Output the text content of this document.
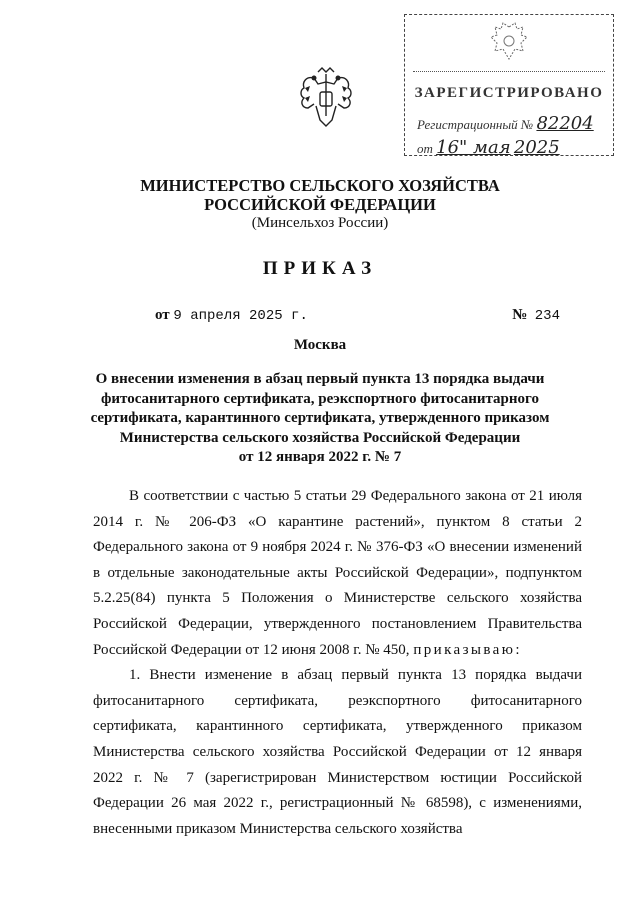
ЗАРЕГИСТРИРОВАНО
Регистрационный № 82204
от 16" мая 2025
МИНИСТЕРСТВО СЕЛЬСКОГО ХОЗЯЙСТВА
РОССИЙСКОЙ ФЕДЕРАЦИИ
(Минсельхоз России)
ПРИКАЗ
от 9 апреля 2025 г.	№ 234
Москва
О внесении изменения в абзац первый пункта 13 порядка выдачи
фитосанитарного сертификата, реэкспортного фитосанитарного
сертификата, карантинного сертификата, утвержденного приказом
Министерства сельского хозяйства Российской Федерации
от 12 января 2022 г. № 7

В соответствии с частью 5 статьи 29 Федерального закона от 21 июля 2014 г. № 206-ФЗ «О карантине растений», пунктом 8 статьи 2 Федерального закона от 9 ноября 2024 г. № 376-ФЗ «О внесении изменений в отдельные законодательные акты Российской Федерации», подпунктом 5.2.25(84) пункта 5 Положения о Министерстве сельского хозяйства Российской Федерации, утвержденного постановлением Правительства Российской Федерации от 12 июня 2008 г. № 450, приказываю:

1. Внести изменение в абзац первый пункта 13 порядка выдачи фитосанитарного сертификата, реэкспортного фитосанитарного сертификата, карантинного сертификата, утвержденного приказом Министерства сельского хозяйства Российской Федерации от 12 января 2022 г. № 7 (зарегистрирован Министерством юстиции Российской Федерации 26 мая 2022 г., регистрационный № 68598), с изменениями, внесенными приказом Министерства сельского хозяйства
